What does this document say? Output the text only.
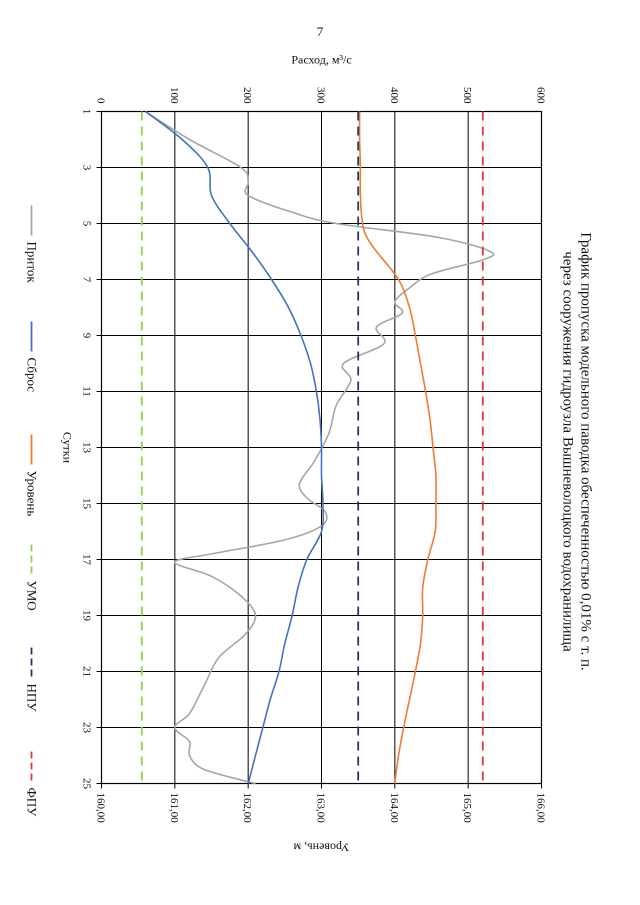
7
График пропуска модельного паводка обеспеченностью 0,01% с т. п.
через сооружения гидроузла Вышневолоцкого водохранилища
1
3
5
7
9
11
13
15
17
19
21
23
25
0	100	200	300	400	500	600
160,00	161,00	162,00	163,00	164,00	165,00	166,00
Сутки
Расход, м³/с
Уровень, м
Приток
Сброс
Уровень
УМО
НПУ
ФПУ
